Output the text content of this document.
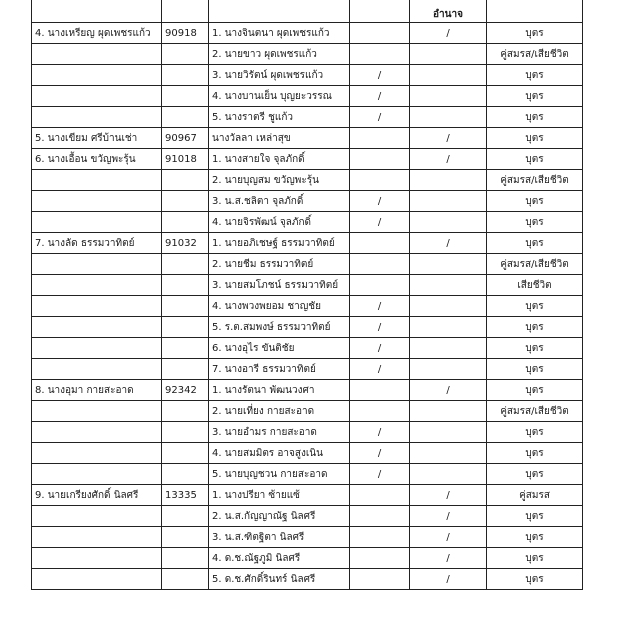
				อำนาจ	
4. นางเหรียญ ผุดเพชรแก้ว	90918	1. นางจินตนา ผุดเพชรแก้ว		/	บุตร
		2. นายขาว ผุดเพชรแก้ว			คู่สมรส/เสียชีวิต
		3. นายวิรัตน์ ผุดเพชรแก้ว	/		บุตร
		4. นางบานเย็น บุญยะวรรณ	/		บุตร
		5. นางราตรี ชูแก้ว	/		บุตร
5. นางเขียม ศรีบ้านเช่า	90967	นางวัลลา เหล่าสุข		/	บุตร
6. นางเอื้อน ขวัญพะรุ้น	91018	1. นางสายใจ จุลภักดิ์		/	บุตร
		2. นายบุญสม ขวัญพะรุ้น			คู่สมรส/เสียชีวิต
		3. น.ส.ชลิตา จุลภักดิ์	/		บุตร
		4. นายจิรพัฒน์ จุลภักดิ์	/		บุตร
7. นางลัด ธรรมวาทิตย์	91032	1. นายอภิเชษฐ์ ธรรมวาทิตย์		/	บุตร
		2. นายชีม ธรรมวาทิตย์			คู่สมรส/เสียชีวิต
		3. นายสมโภชน์ ธรรมวาทิตย์			เสียชีวิต
		4. นางพวงพยอม ชาญชัย	/		บุตร
		5. ร.ต.สมพงษ์ ธรรมวาทิตย์	/		บุตร
		6. นางอุไร ขันติชัย	/		บุตร
		7. นางอารี ธรรมวาทิตย์	/		บุตร
8. นางอุมา กายสะอาด	92342	1. นางรัตนา พัฒนวงศา		/	บุตร
		2. นายเที่ยง กายสะอาด			คู่สมรส/เสียชีวิต
		3. นายอำมร กายสะอาด	/		บุตร
		4. นายสมมิตร อาจสูงเนิน	/		บุตร
		5. นายบุญชวน กายสะอาด	/		บุตร
9. นายเกรียงศักดิ์ นิลศรี	13335	1. นางปรียา ซ้ายแซ้		/	คู่สมรส
		2. น.ส.กัญญาณัฐ นิลศรี		/	บุตร
		3. น.ส.ฑิตฐิตา นิลศรี		/	บุตร
		4. ด.ช.ณัฐภูมิ นิลศรี		/	บุตร
		5. ด.ช.ศักดิ์รินทร์ นิลศรี		/	บุตร
